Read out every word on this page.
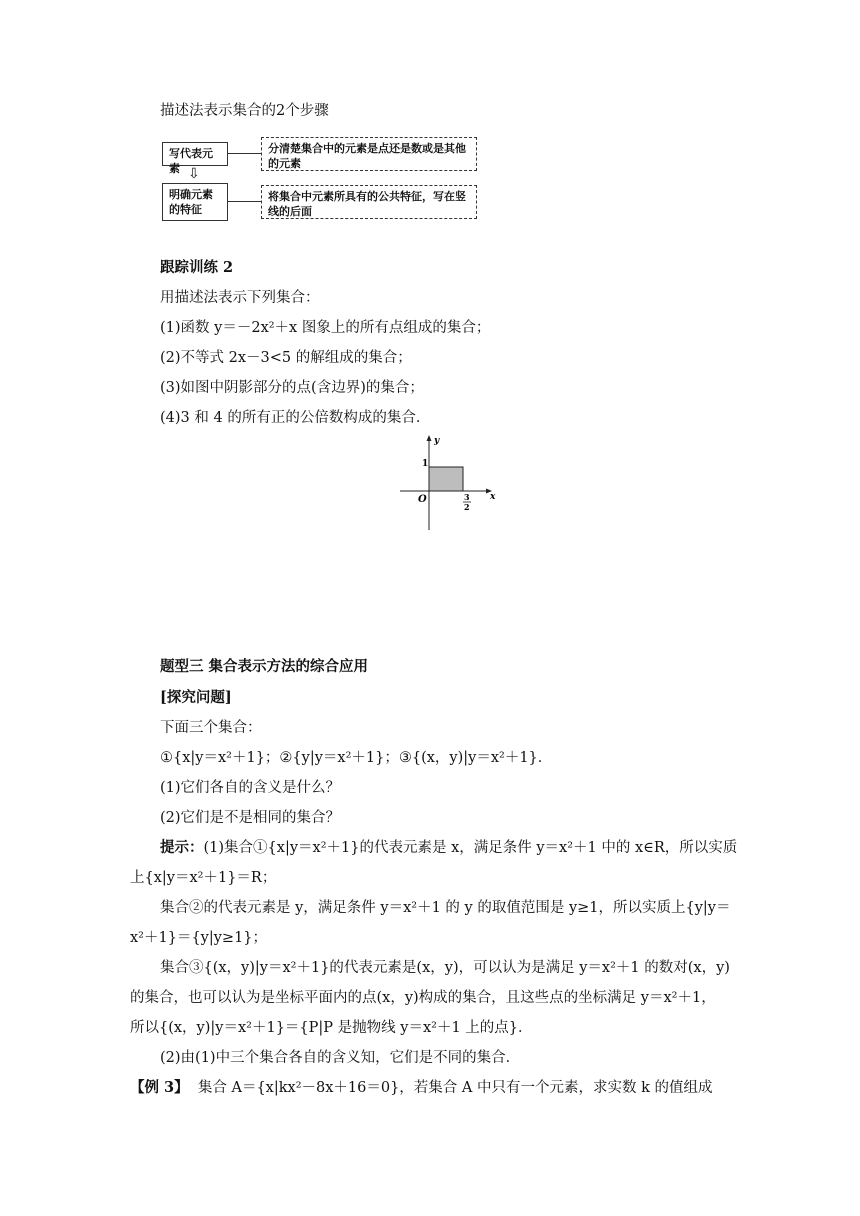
描述法表示集合的2个步骤
写代表元素
分清楚集合中的元素是点还是数或是其他的元素
⇩
明确元素的特征
将集合中元素所具有的公共特征，写在竖线的后面
跟踪训练 2
用描述法表示下列集合：
(1)函数 y＝－2x²＋x 图象上的所有点组成的集合；
(2)不等式 2x－3<5 的解组成的集合；
(3)如图中阴影部分的点(含边界)的集合；
(4)3 和 4 的所有正的公倍数构成的集合．
y
x
O
1
3
2
题型三 集合表示方法的综合应用
[探究问题]
下面三个集合：
①{x|y＝x²＋1}；②{y|y＝x²＋1}；③{(x，y)|y＝x²＋1}．
(1)它们各自的含义是什么？
(2)它们是不是相同的集合？
提示：(1)集合①{x|y＝x²＋1}的代表元素是 x，满足条件 y＝x²＋1 中的 x∈R，所以实质
上{x|y＝x²＋1}＝R；
集合②的代表元素是 y，满足条件 y＝x²＋1 的 y 的取值范围是 y≥1，所以实质上{y|y＝
x²＋1}＝{y|y≥1}；
集合③{(x，y)|y＝x²＋1}的代表元素是(x，y)，可以认为是满足 y＝x²＋1 的数对(x，y)
的集合，也可以认为是坐标平面内的点(x，y)构成的集合，且这些点的坐标满足 y＝x²＋1，
所以{(x，y)|y＝x²＋1}＝{P|P 是抛物线 y＝x²＋1 上的点}．
(2)由(1)中三个集合各自的含义知，它们是不同的集合．
【例 3】 集合 A＝{x|kx²－8x＋16＝0}，若集合 A 中只有一个元素，求实数 k 的值组成
